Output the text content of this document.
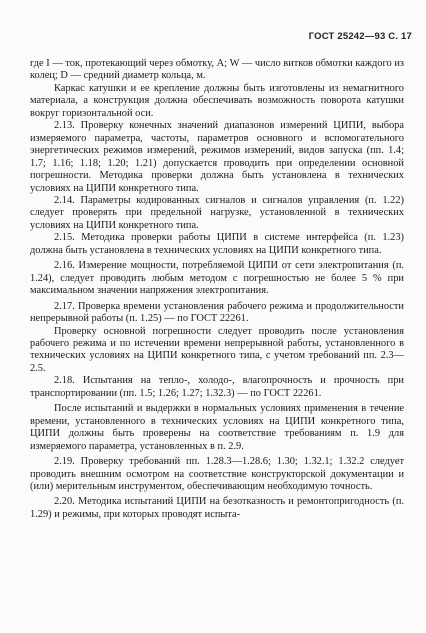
ГОСТ 25242—93 С. 17

где I — ток, протекающий через обмотку, А; W — число витков обмотки каждого из колец; D — средний диаметр кольца, м.

Каркас катушки и ее крепление должны быть изготовлены из немагнитного материала, а конструкция должна обеспечивать возможность поворота катушки вокруг горизонтальной оси.

2.13. Проверку конечных значений диапазонов измерений ЦИПИ, выбора измеряемого параметра, частоты, параметров основного и вспомогательного энергетических режимов измерений, режимов измерений, видов запуска (пп. 1.4; 1.7; 1.16; 1.18; 1.20; 1.21) допускается проводить при определении основной погрешности. Методика проверки должна быть установлена в технических условиях на ЦИПИ конкретного типа.

2.14. Параметры кодированных сигналов и сигналов управления (п. 1.22) следует проверять при предельной нагрузке, установленной в технических условиях на ЦИПИ конкретного типа.

2.15. Методика проверки работы ЦИПИ в системе интерфейса (п. 1.23) должна быть установлена в технических условиях на ЦИПИ конкретного типа.

2.16. Измерение мощности, потребляемой ЦИПИ от сети электропитания (п. 1.24), следует проводить любым методом с погрешностью не более 5 % при максимальном значении напряжения электропитания.

2.17. Проверка времени установления рабочего режима и продолжительности непрерывной работы (п. 1.25) — по ГОСТ 22261.

Проверку основной погрешности следует проводить после установления рабочего режима и по истечении времени непрерывной работы, установленного в технических условиях на ЦИПИ конкретного типа, с учетом требований пп. 2.3—2.5.

2.18. Испытания на тепло-, холодо-, влагопрочность и прочность при транспортировании (пп. 1.5; 1.26; 1.27; 1.32.3) — по ГОСТ 22261.

После испытаний и выдержки в нормальных условиях применения в течение времени, установленного в технических условиях на ЦИПИ конкретного типа, ЦИПИ должны быть проверены на соответствие требованиям п. 1.9 для измеряемого параметра, установленных в п. 2.9.

2.19. Проверку требований пп. 1.28.3—1.28.6; 1.30; 1.32.1; 1.32.2 следует проводить внешним осмотром на соответствие конструкторской документации и (или) мерительным инструментом, обеспечивающим необходимую точность.

2.20. Методика испытаний ЦИПИ на безотказность и ремонтопригодность (п. 1.29) и режимы, при которых проводят испыта-
